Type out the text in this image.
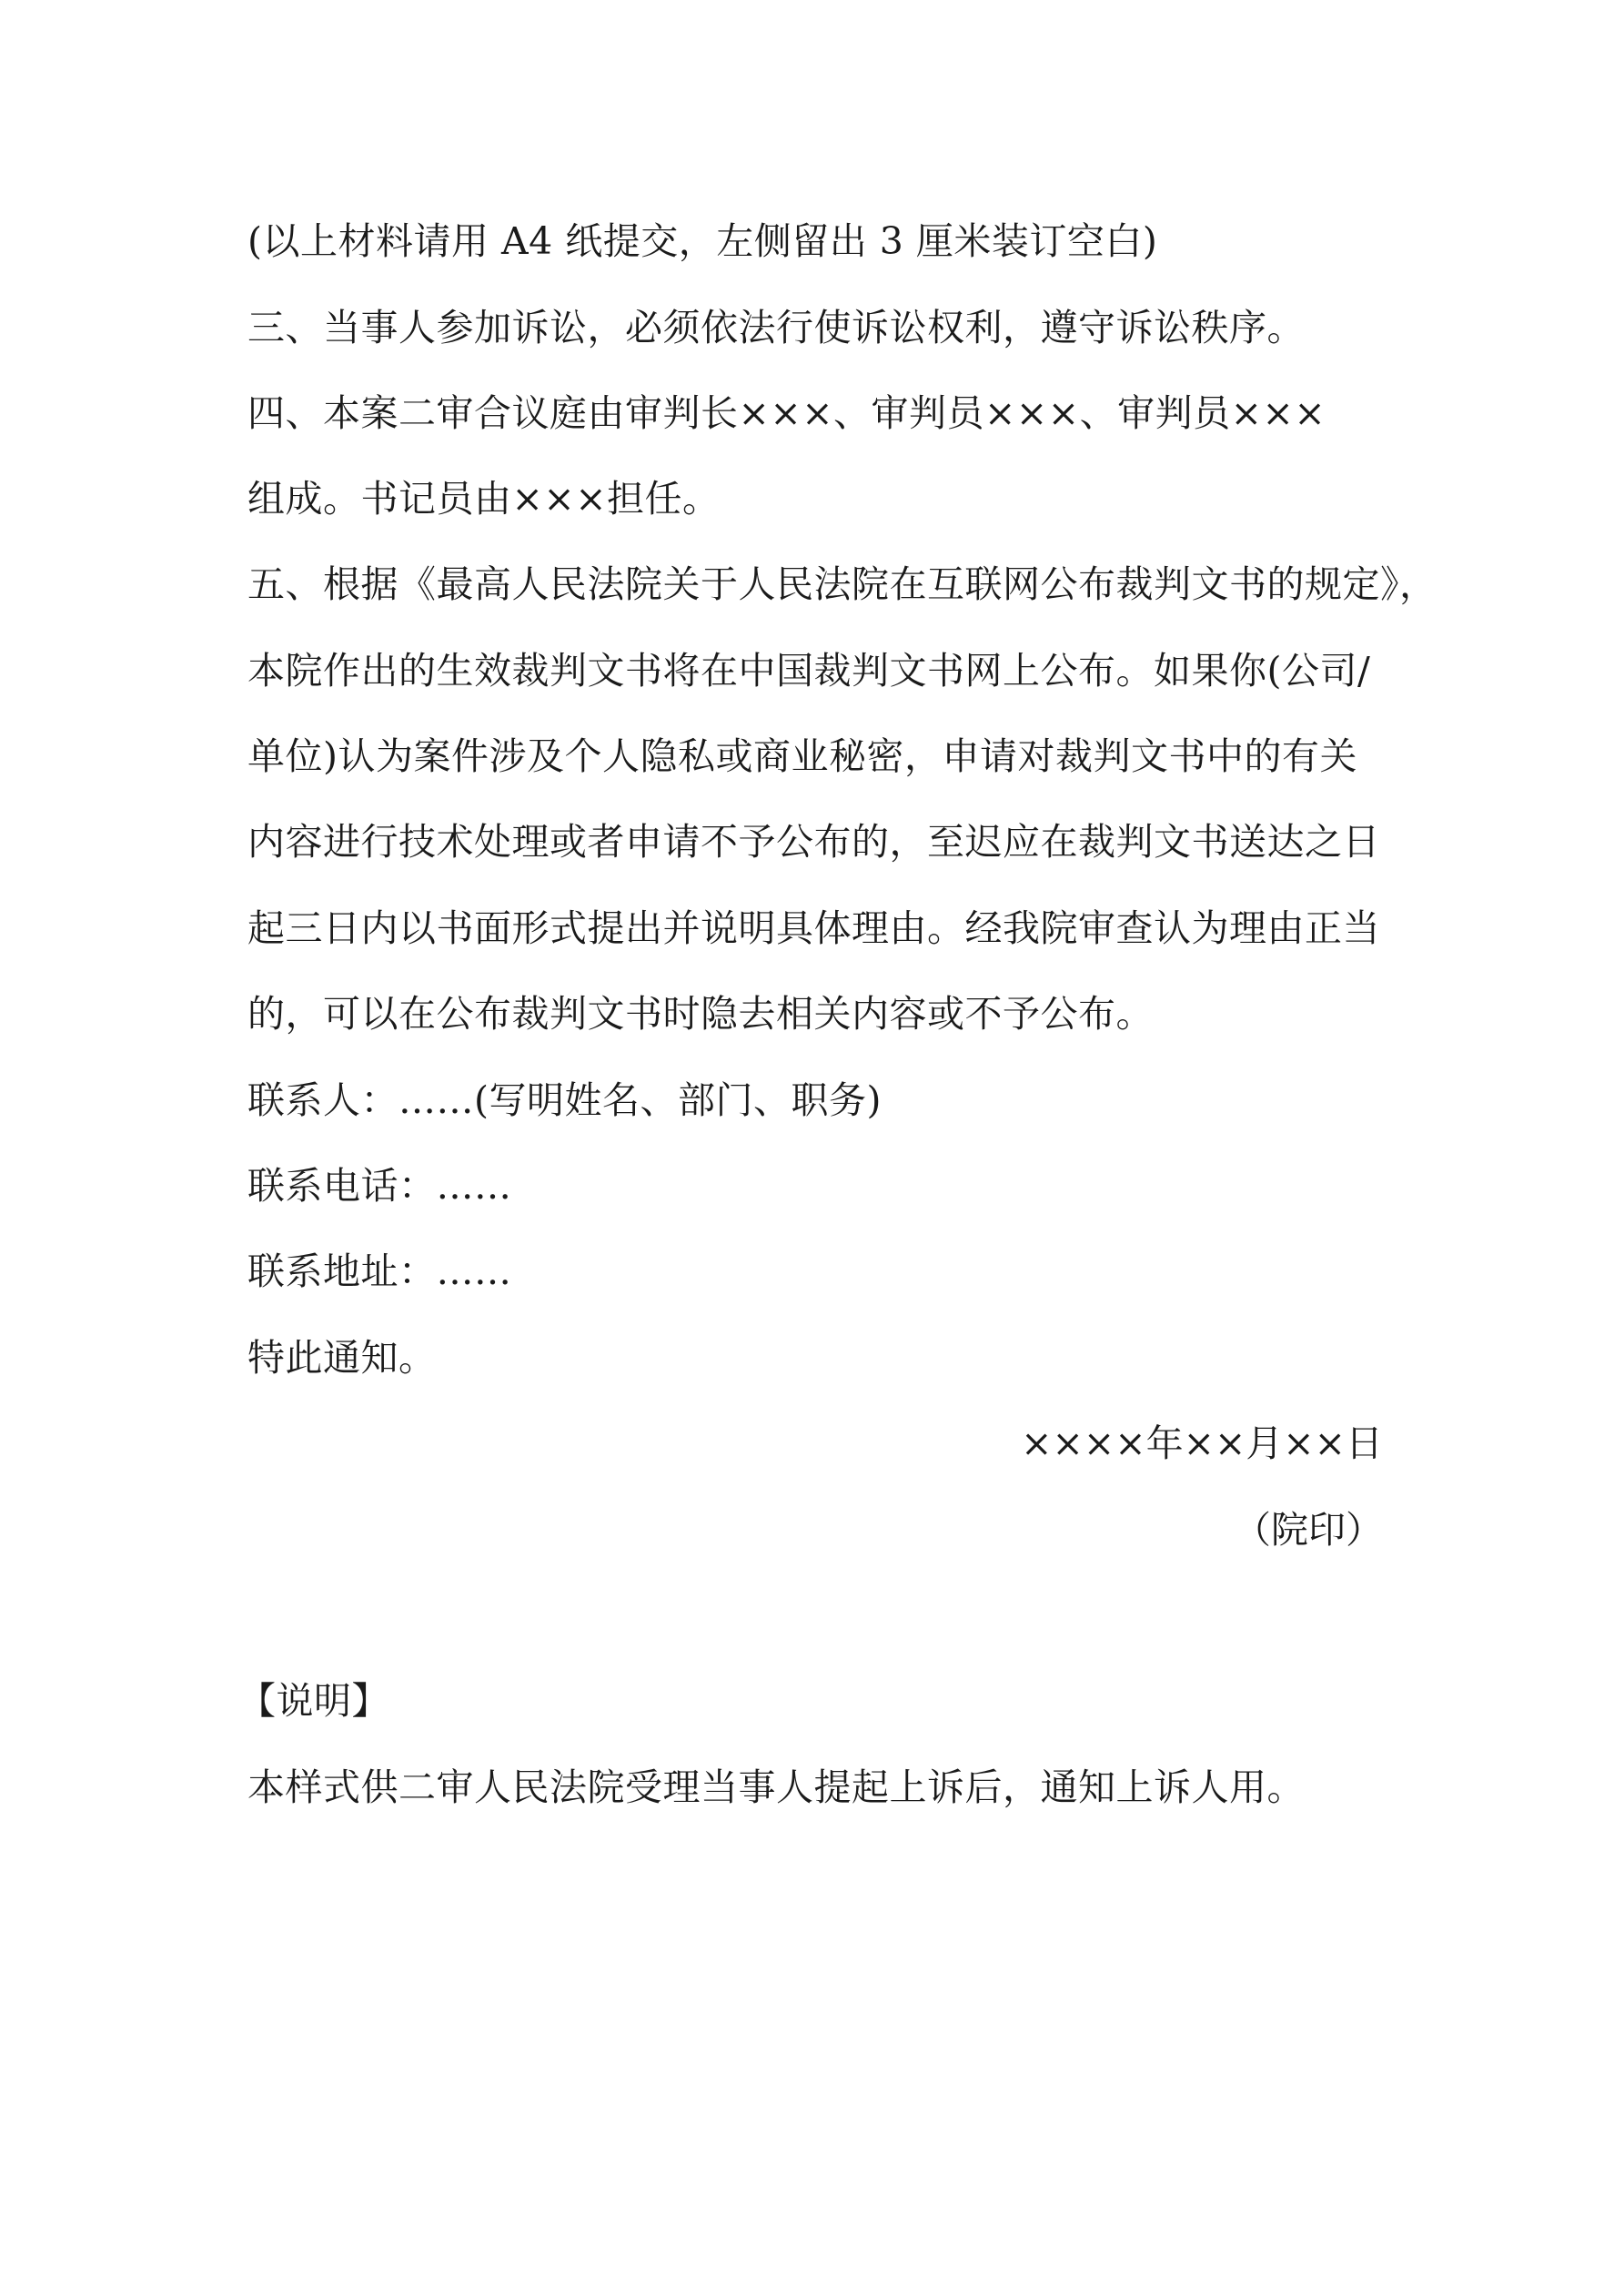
(以上材料请用 A4 纸提交，左侧留出 3 厘米装订空白)
三、当事人参加诉讼，必须依法行使诉讼权利，遵守诉讼秩序。
四、本案二审合议庭由审判长×××、审判员×××、审判员×××
组成。书记员由×××担任。
五、根据《最高人民法院关于人民法院在互联网公布裁判文书的规定》，
本院作出的生效裁判文书将在中国裁判文书网上公布。如果你(公司/
单位)认为案件涉及个人隐私或商业秘密，申请对裁判文书中的有关
内容进行技术处理或者申请不予公布的，至迟应在裁判文书送达之日
起三日内以书面形式提出并说明具体理由。经我院审查认为理由正当
的，可以在公布裁判文书时隐去相关内容或不予公布。
联系人：……(写明姓名、部门、职务)
联系电话：……
联系地址：……
特此通知。
××××年××月××日
（院印）
【说明】
本样式供二审人民法院受理当事人提起上诉后，通知上诉人用。
